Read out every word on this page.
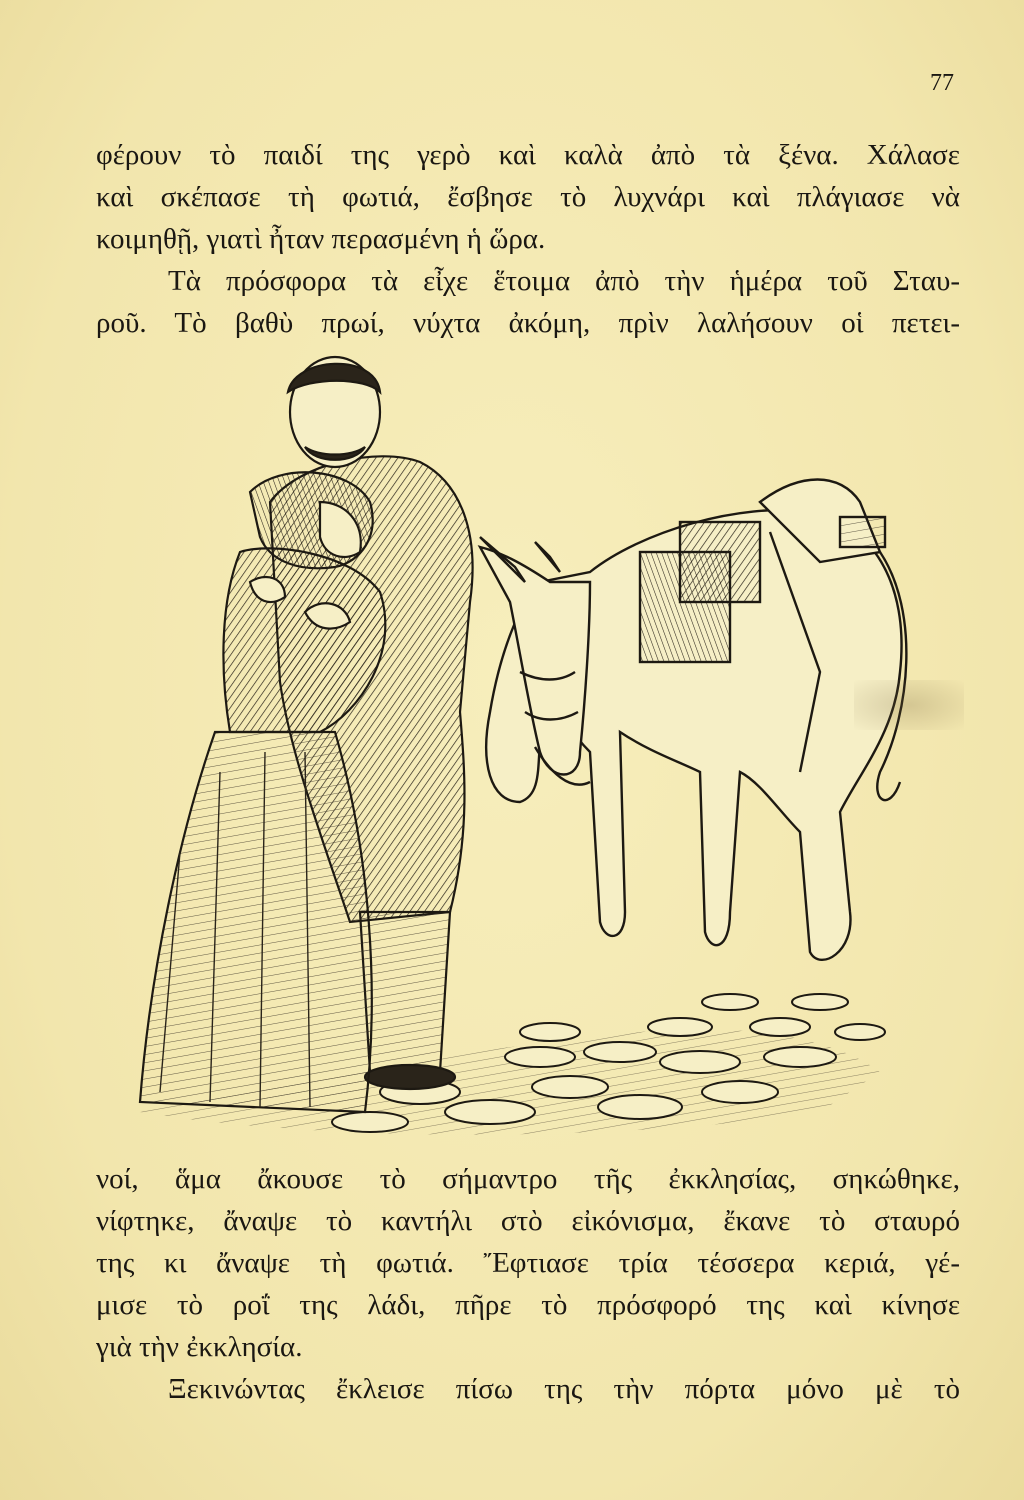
77
φέρουν τὸ παιδί της γερὸ καὶ καλὰ ἀπὸ τὰ ξένα. Χάλασε
καὶ σκέπασε τὴ φωτιά, ἔσβησε τὸ λυχνάρι καὶ πλάγιασε νὰ
κοιμηθῇ, γιατὶ ἦταν περασμένη ἡ ὥρα.
Τὰ πρόσφορα τὰ εἶχε ἕτοιμα ἀπὸ τὴν ἡμέρα τοῦ Σταυ-
ροῦ. Τὸ βαθὺ πρωί, νύχτα ἀκόμη, πρὶν λαλήσουν οἱ πετει-
νοί, ἅμα ἄκουσε τὸ σήμαντρο τῆς ἐκκλησίας, σηκώθηκε,
νίφτηκε, ἄναψε τὸ καντήλι στὸ εἰκόνισμα, ἔκανε τὸ σταυρό
της κι ἄναψε τὴ φωτιά. Ἔφτιασε τρία τέσσερα κεριά, γέ-
μισε τὸ ροΐ της λάδι, πῆρε τὸ πρόσφορό της καὶ κίνησε
γιὰ τὴν ἐκκλησία.
Ξεκινώντας ἔκλεισε πίσω της τὴν πόρτα μόνο μὲ τὸ
